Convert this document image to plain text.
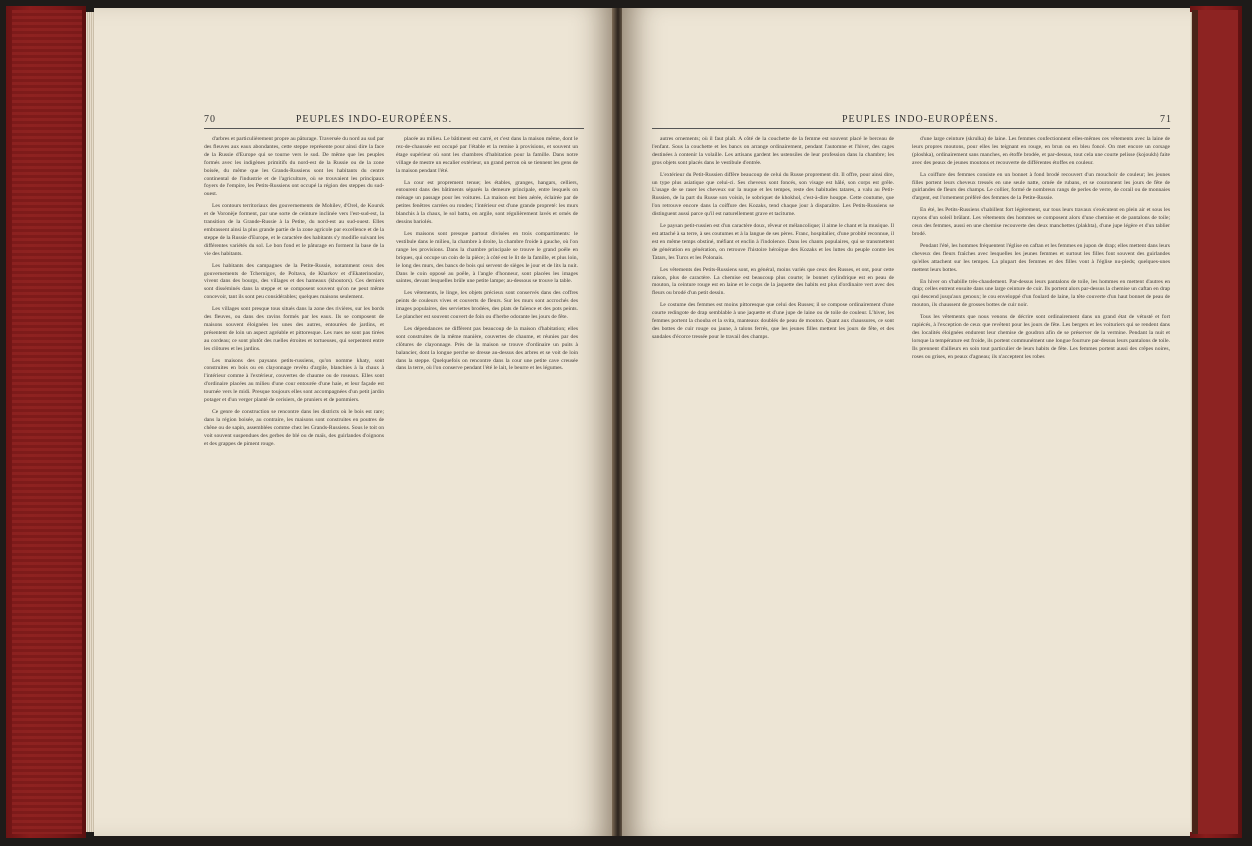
70	PEUPLES INDO-EUROPÉENS.

d'arbres et particulièrement propre au pâturage. Traversée du nord au sud par des fleuves aux eaux abondantes, cette steppe représente pour ainsi dire la face de la Russie d'Europe qui se tourne vers le sud. De même que les peuples formés avec les indigènes primitifs du nord-est de la Russie ou de la zone boisée, du même que les Grands-Russiens sont les habitants du centre continental de l'industrie et de l'agriculture, où se trouvaient les principaux foyers de l'empire, les Petits-Russiens ont occupé la région des steppes du sud-ouest.

Les contours territoriaux des gouvernements de Mohilev, d'Orel, de Koursk et de Voronèje forment, par une sorte de ceinture inclinée vers l'est-sud-est, la transition de la Grande-Russie à la Petite, du nord-est au sud-ouest. Elles embrassent ainsi la plus grande partie de la zone agricole par excellence et de la steppe de la Russie d'Europe, et le caractère des habitants s'y modifie suivant les différentes variétés du sol. Le bon fond et le pâturage en forment la base de la vie des habitants.

Les habitants des campagnes de la Petite-Russie, notamment ceux des gouvernements de Tchernigov, de Poltava, de Kharkov et d'Ekaterinoslav, vivent dans des bourgs, des villages et des hameaux (khoutors). Ces derniers sont disséminés dans la steppe et se composent souvent qu'on ne peut même concevoir, tant ils sont peu considérables; quelques maisons seulement.

Les villages sont presque tous situés dans la zone des rivières, sur les bords des fleuves, ou dans des ravins formés par les eaux. Ils se composent de maisons souvent éloignées les unes des autres, entourées de jardins, et présentent de loin un aspect agréable et pittoresque. Les rues ne sont pas tirées au cordeau; ce sont plutôt des ruelles étroites et tortueuses, qui serpentent entre les clôtures et les jardins.

Les maisons des paysans petits-russiens, qu'on nomme khaty, sont construites en bois ou en clayonnage revêtu d'argile, blanchies à la chaux à l'intérieur comme à l'extérieur, couvertes de chaume ou de roseaux. Elles sont d'ordinaire placées au milieu d'une cour entourée d'une haie, et leur façade est tournée vers le midi. Presque toujours elles sont accompagnées d'un petit jardin potager et d'un verger planté de cerisiers, de pruniers et de pommiers.

Ce genre de construction se rencontre dans les districts où le bois est rare; dans la région boisée, au contraire, les maisons sont construites en poutres de chêne ou de sapin, assemblées comme chez les Grands-Russiens. Sous le toit on voit souvent suspendues des gerbes de blé ou de maïs, des guirlandes d'oignons et des grappes de piment rouge.

placée au milieu. Le bâtiment est carré, et c'est dans la maison même, dont le rez-de-chaussée est occupé par l'étable et la remise à provisions, et souvent un étage supérieur où sont les chambres d'habitation pour la famille. Dans notre village de mestre un escalier extérieur, un grand perron où se tiennent les gens de la maison pendant l'été.

La cour est proprement tenue; les étables, granges, hangars, celliers, entourent dans des bâtiments séparés la demeure principale, entre lesquels on ménage un passage pour les voitures. La maison est bien aérée, éclairée par de petites fenêtres carrées ou rondes; l'intérieur est d'une grande propreté: les murs blanchis à la chaux, le sol battu, en argile, sont régulièrement lavés et ornés de dessins bariolés.

Les maisons sont presque partout divisées en trois compartiments: le vestibule dans le milieu, la chambre à droite, la chambre froide à gauche, où l'on range les provisions. Dans la chambre principale se trouve le grand poêle en briques, qui occupe un coin de la pièce; à côté est le lit de la famille, et plus loin, le long des murs, des bancs de bois qui servent de sièges le jour et de lits la nuit. Dans le coin opposé au poêle, à l'angle d'honneur, sont placées les images saintes, devant lesquelles brûle une petite lampe; au-dessous se trouve la table.

Les vêtements, le linge, les objets précieux sont conservés dans des coffres peints de couleurs vives et couverts de fleurs. Sur les murs sont accrochés des images populaires, des serviettes brodées, des plats de faïence et des pots peints. Le plancher est souvent couvert de foin ou d'herbe odorante les jours de fête.

Les dépendances ne diffèrent pas beaucoup de la maison d'habitation; elles sont construites de la même manière, couvertes de chaume, et réunies par des clôtures de clayonnage. Près de la maison se trouve d'ordinaire un puits à balancier, dont la longue perche se dresse au-dessus des arbres et se voit de loin dans la steppe. Quelquefois on rencontre dans la cour une petite cave creusée dans la terre, où l'on conserve pendant l'été le lait, le beurre et les légumes.

PEUPLES INDO-EUROPÉENS.	71

autres ornements; où il faut plaît. A côté de la couchette de la femme est souvent placé le berceau de l'enfant. Sous la couchette et les bancs on arrange ordinairement, pendant l'automne et l'hiver, des cages destinées à contenir la volaille. Les artisans gardent les ustensiles de leur profession dans la chambre; les gros objets sont placés dans le vestibule d'entrée.

L'extérieur du Petit-Russien diffère beaucoup de celui du Russe proprement dit. Il offre, pour ainsi dire, un type plus asiatique que celui-ci. Ses cheveux sont foncés, son visage est hâlé, son corps est grêle. L'usage de se raser les cheveux sur la nuque et les tempes, reste des habitudes tatares, a valu au Petit-Russien, de la part du Russe son voisin, le sobriquet de khokhol, c'est-à-dire houppe. Cette coutume, que l'on retrouve encore dans la coiffure des Kozaks, tend chaque jour à disparaître. Les Petits-Russiens se distinguent aussi parce qu'il est naturellement grave et taciturne.

Le paysan petit-russien est d'un caractère doux, rêveur et mélancolique; il aime le chant et la musique. Il est attaché à sa terre, à ses coutumes et à la langue de ses pères. Franc, hospitalier, d'une probité reconnue, il est en même temps obstiné, méfiant et enclin à l'indolence. Dans les chants populaires, qui se transmettent de génération en génération, on retrouve l'histoire héroïque des Kozaks et les luttes du peuple contre les Tatars, les Turcs et les Polonais.

Les vêtements des Petits-Russiens sont, en général, moins variés que ceux des Russes, et ont, pour cette raison, plus de caractère. La chemise est beaucoup plus courte; le bonnet cylindrique est en peau de mouton, la ceinture rouge est en laine et le corps de la jaquette des habits est plus d'ordinaire vert avec des fleurs ou brodé d'un petit dessin.

Le costume des femmes est moins pittoresque que celui des Russes; il se compose ordinairement d'une courte redingote de drap semblable à une jaquette et d'une jupe de laine ou de toile de couleur. L'hiver, les femmes portent la chouba et la svita, manteaux doublés de peau de mouton. Quant aux chaussures, ce sont des bottes de cuir rouge ou jaune, à talons ferrés, que les jeunes filles mettent les jours de fête, et des sandales d'écorce tressée pour le travail des champs.

d'une large ceinture (skrulka) de laine. Les femmes confectionnent elles-mêmes ces vêtements avec la laine de leurs propres moutons, pour elles les teignant en rouge, en brun ou en bleu foncé. On met encore un corsage (ploshka), ordinairement sans manches, en étoffe brodée, et par-dessus, tout cela une courte pelisse (kojoukh) faite avec des peaux de jeunes moutons et recouverte de différentes étoffes en couleur.

La coiffure des femmes consiste en un bonnet à fond brodé recouvert d'un mouchoir de couleur; les jeunes filles portent leurs cheveux tressés en une seule natte, ornée de rubans, et se couronnent les jours de fête de guirlandes de fleurs des champs. Le collier, formé de nombreux rangs de perles de verre, de corail ou de monnaies d'argent, est l'ornement préféré des femmes de la Petite-Russie.

En été, les Petits-Russiens s'habillent fort légèrement, sur tous leurs travaux s'exécutent en plein air et sous les rayons d'un soleil brûlant. Les vêtements des hommes se composent alors d'une chemise et de pantalons de toile; ceux des femmes, aussi en une chemise recouverte des deux manchettes (plakhta), d'une jupe légère et d'un tablier brodé.

Pendant l'été, les hommes fréquentent l'église en caftan et les femmes en jupon de drap; elles mettent dans leurs cheveux des fleurs fraîches avec lesquelles les jeunes femmes et surtout les filles font souvent des guirlandes qu'elles attachent sur les tempes. La plupart des femmes et des filles vont à l'église nu-pieds; quelques-unes mettent leurs bottes.

En hiver on s'habille très-chaudement. Par-dessus leurs pantalons de toile, les hommes en mettent d'autres en drap; celles entrent ensuite dans une large ceinture de cuir. Ils portent alors par-dessus la chemise un caftan en drap qui descend jusqu'aux genoux; le cou enveloppé d'un foulard de laine, la tête couverte d'un haut bonnet de peau de mouton, ils chaussent de grosses bottes de cuir noir.

Tous les vêtements que nous venons de décrire sont ordinairement dans un grand état de vétusté et fort rapiécés, à l'exception de ceux que revêtent pour les jours de fête. Les bergers et les voituriers qui se rendent dans des localités éloignées endurent leur chemise de goudron afin de se préserver de la vermine. Pendant la nuit et lorsque la température est froide, ils portent communément une longue fourrure par-dessus leurs pantalons de toile. Ils prennent d'ailleurs en soin tout particulier de leurs habits de fête. Les femmes portent aussi des crêpes noires, roses ou grises, en peaux d'agneau; ils n'acceptent les robes
